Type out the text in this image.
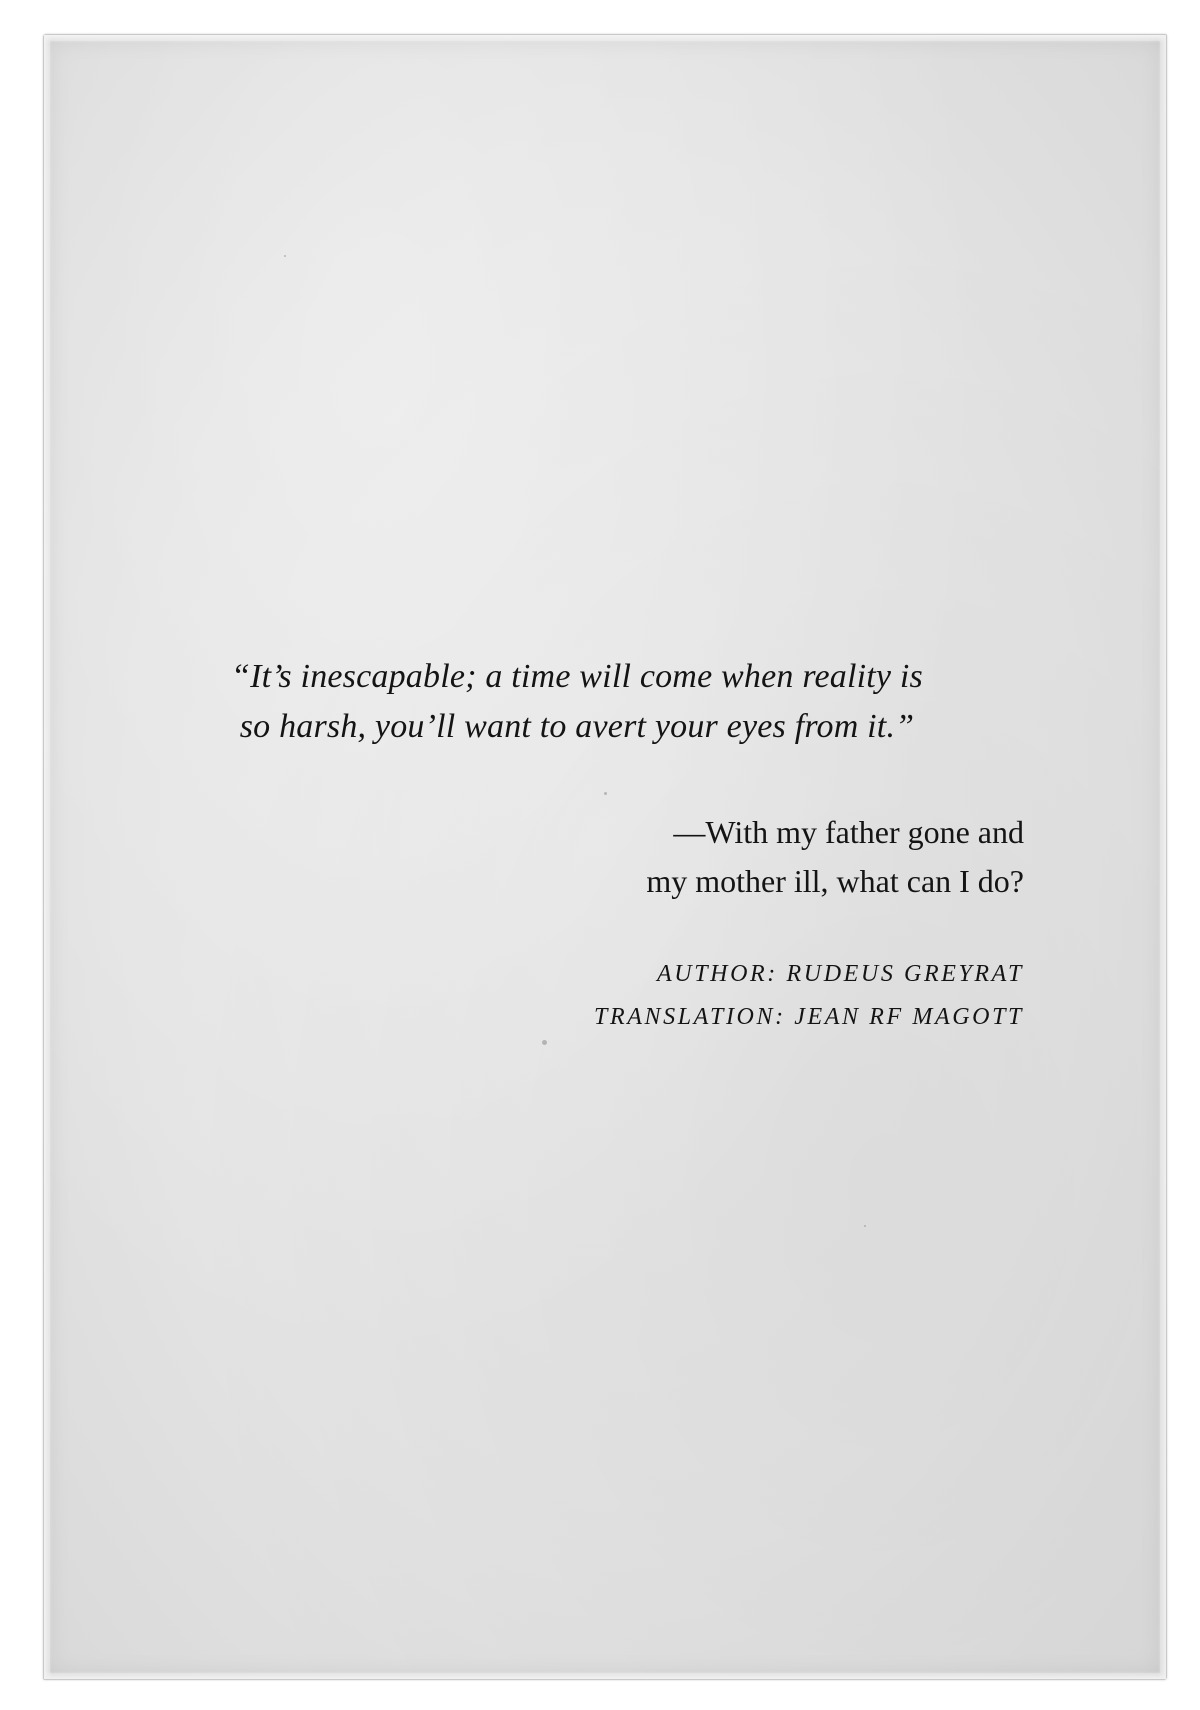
“It’s inescapable; a time will come when reality is
so harsh, you’ll want to avert your eyes from it.”
—With my father gone and
my mother ill, what can I do?
AUTHOR: RUDEUS GREYRAT
TRANSLATION: JEAN RF MAGOTT
